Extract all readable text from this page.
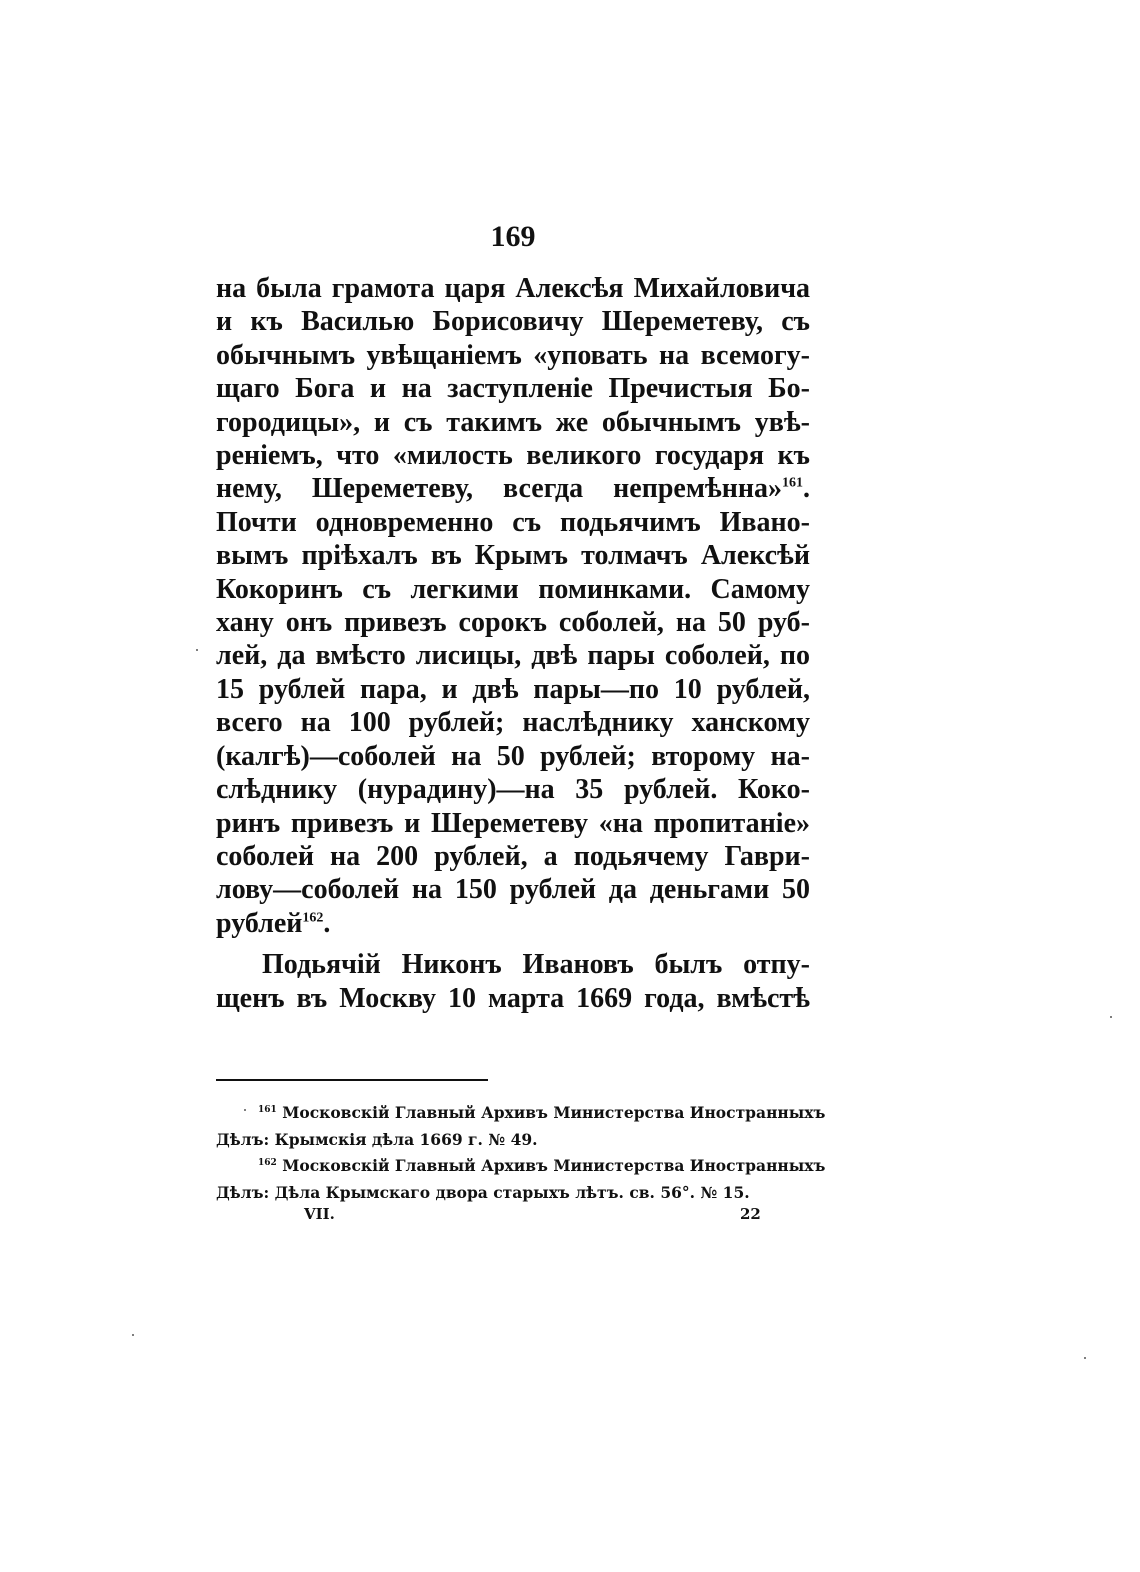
169
на была грамота царя Алексѣя Михайловича
и къ Василью Борисовичу Шереметеву, съ
обычнымъ увѣщаніемъ «уповать на всемогу-
щаго Бога и на заступленіе Пречистыя Бо-
городицы», и съ такимъ же обычнымъ увѣ-
реніемъ, что «милость великого государя къ
нему, Шереметеву, всегда непремѣнна»$^{161}$.
Почти одновременно съ подьячимъ Иванo-
вымъ пріѣхалъ въ Крымъ толмачъ Алексѣй
Кокоринъ съ легкими поминками. Самому
хану онъ привезъ сорокъ соболей, на 50 руб-
лей, да вмѣсто лисицы, двѣ пары соболей, по
15 рублей пара, и двѣ пары—по 10 рублей,
всего на 100 рублей; наслѣднику ханскому
(калгѣ)—соболей на 50 рублей; второму на-
слѣднику (нурадину)—на 35 рублей. Коко-
ринъ привезъ и Шереметеву «на пропитаніе»
соболей на 200 рублей, а подьячему Гаври-
лову—соболей на 150 рублей да деньгами 50
рублей$^{162}$.
Подьячій Никонъ Ивановъ былъ отпу-
щенъ въ Москву 10 марта 1669 года, вмѣстѣ
$^{161}$ Московскій Главный Архивъ Министерства Иностранныхъ
Дѣлъ: Крымскія дѣла 1669 г. № 49.
$^{162}$ Московскій Главный Архивъ Министерства Иностранныхъ
Дѣлъ: Дѣла Крымскаго двора старыхъ лѣтъ. св. 56°. № 15.
VII.	22
